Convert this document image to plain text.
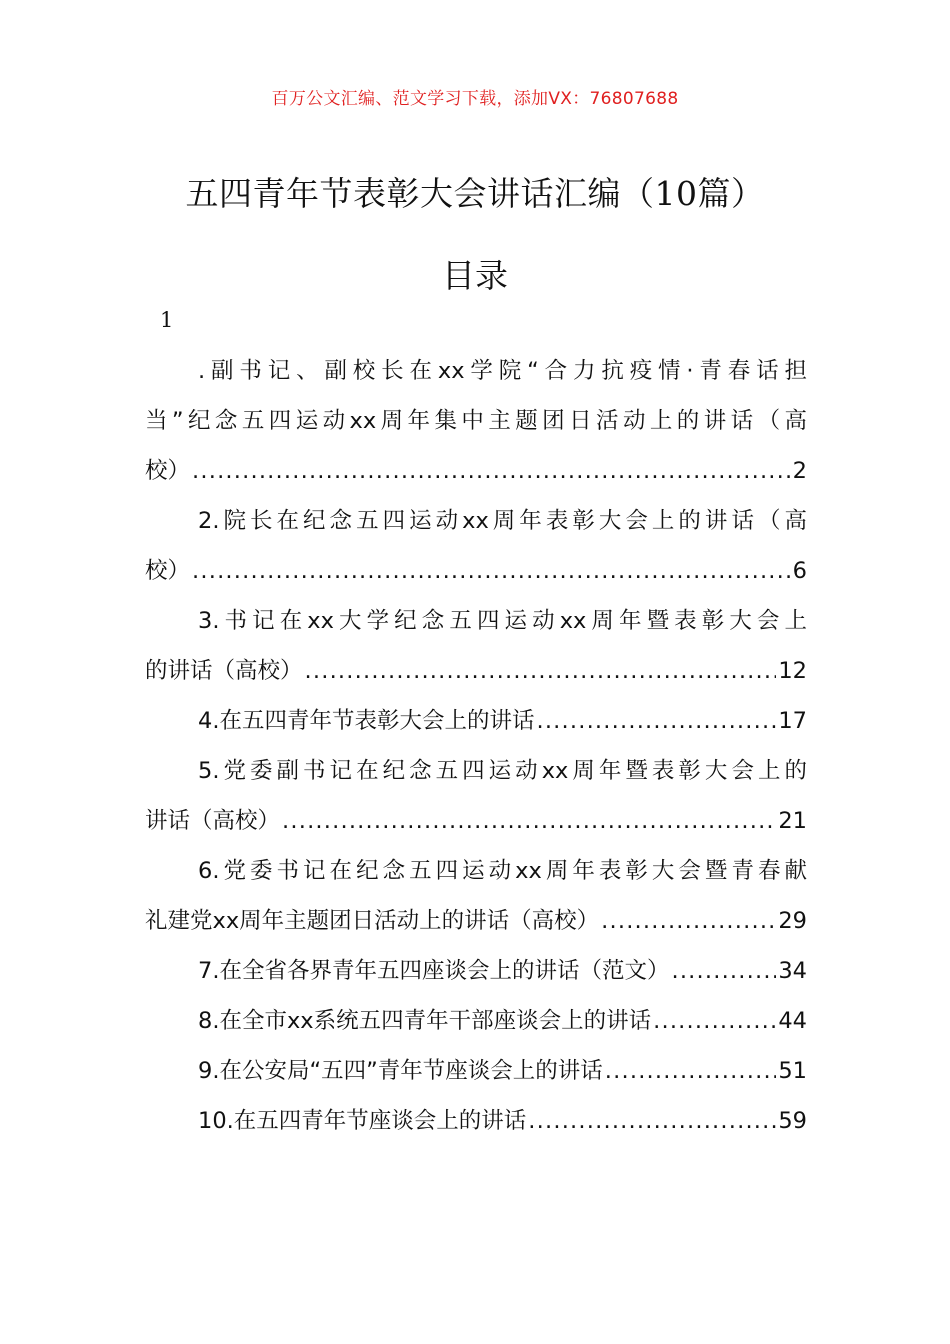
百万公文汇编、范文学习下载，添加VX：76807688
五四青年节表彰大会讲话汇编（10篇）
目录
1
.副书记、副校长在xx学院“合力抗疫情·青春话担
当”纪念五四运动xx周年集中主题团日活动上的讲话（高
校） .....	2
2.院长在纪念五四运动xx周年表彰大会上的讲话（高
校） .....	6
3.书记在xx大学纪念五四运动xx周年暨表彰大会上
的讲话（高校） .....	12
4.在五四青年节表彰大会上的讲话 .....	17
5.党委副书记在纪念五四运动xx周年暨表彰大会上的
讲话（高校） .....	21
6.党委书记在纪念五四运动xx周年表彰大会暨青春献
礼建党xx周年主题团日活动上的讲话（高校） .....	29
7.在全省各界青年五四座谈会上的讲话（范文） .....	34
8.在全市xx系统五四青年干部座谈会上的讲话 .....	44
9.在公安局“五四”青年节座谈会上的讲话 .....	51
10.在五四青年节座谈会上的讲话 .....	59
